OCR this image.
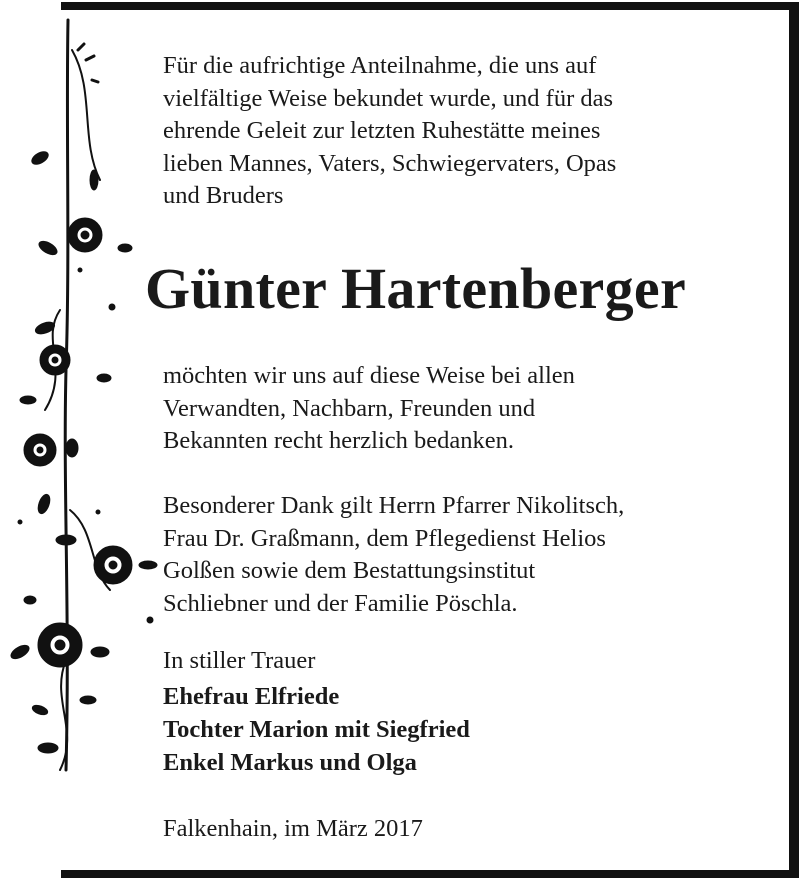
Für die aufrichtige Anteilnahme, die uns auf
vielfältige Weise bekundet wurde, und für das
ehrende Geleit zur letzten Ruhestätte meines
lieben Mannes, Vaters, Schwiegervaters, Opas
und Bruders
Günter Hartenberger
möchten wir uns auf diese Weise bei allen
Verwandten, Nachbarn, Freunden und
Bekannten recht herzlich bedanken.
Besonderer Dank gilt Herrn Pfarrer Nikolitsch,
Frau Dr. Graßmann, dem Pflegedienst Helios
Golßen sowie dem Bestattungsinstitut
Schliebner und der Familie Pöschla.
In stiller Trauer
Ehefrau Elfriede
Tochter Marion mit Siegfried
Enkel Markus und Olga
Falkenhain, im März 2017
